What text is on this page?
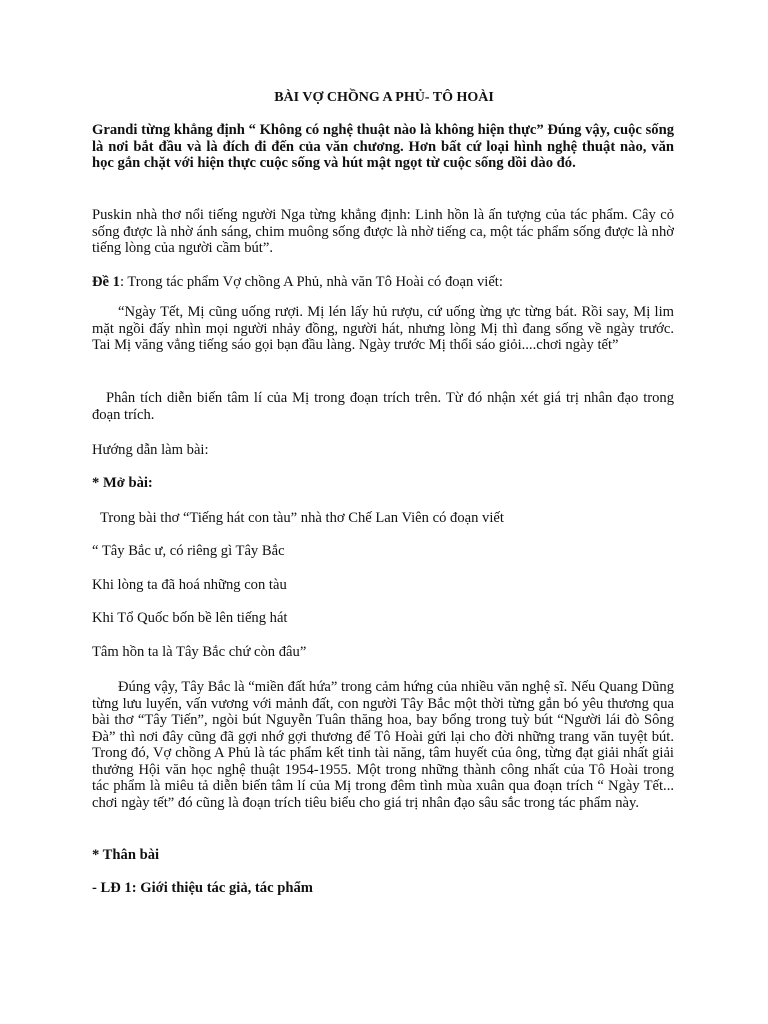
BÀI VỢ CHỒNG A PHỦ- TÔ HOÀI

Grandi từng khẳng định “ Không có nghệ thuật nào là không hiện thực” Đúng vậy, cuộc sống là nơi bắt đầu và là đích đi đến của văn chương. Hơn bất cứ loại hình nghệ thuật nào, văn học gắn chặt với hiện thực cuộc sống và hút mật ngọt từ cuộc sống dồi dào đó.

Puskin nhà thơ nổi tiếng người Nga từng khẳng định: Linh hồn là ấn tượng của tác phẩm. Cây cỏ sống được là nhờ ánh sáng, chim muông sống được là nhờ tiếng ca, một tác phẩm sống được là nhờ tiếng lòng của người cầm bút”.

Đề 1: Trong tác phẩm Vợ chồng A Phủ, nhà văn Tô Hoài có đoạn viết:

“Ngày Tết, Mị cũng uống rượi. Mị lén lấy hủ rượu, cứ uống ừng ực từng bát. Rồi say, Mị lim mặt ngồi đấy nhìn mọi người nhảy đồng, người hát, nhưng lòng Mị thì đang sống về ngày trước. Tai Mị văng vẳng tiếng sáo gọi bạn đầu làng. Ngày trước Mị thổi sáo giỏi....chơi ngày tết”

Phân tích diễn biến tâm lí của Mị trong đoạn trích trên. Từ đó nhận xét giá trị nhân đạo trong đoạn trích.

Hướng dẫn làm bài:

* Mở bài:

Trong bài thơ “Tiếng hát con tàu” nhà thơ Chế Lan Viên có đoạn viết

“ Tây Bắc ư, có riêng gì Tây Bắc

Khi lòng ta đã hoá những con tàu

Khi Tổ Quốc bốn bề lên tiếng hát

Tâm hồn ta là Tây Bắc chứ còn đâu”

Đúng vậy, Tây Bắc là “miền đất hứa” trong cảm hứng của nhiều văn nghệ sĩ. Nếu Quang Dũng từng lưu luyến, vấn vương với mảnh đất, con người Tây Bắc một thời từng gắn bó yêu thương qua bài thơ “Tây Tiến”, ngòi bút Nguyễn Tuân thăng hoa, bay bổng trong tuỳ bút “Người lái đò Sông Đà” thì nơi đây cũng đã gợi nhớ gợi thương để Tô Hoài gửi lại cho đời những trang văn tuyệt bút. Trong đó, Vợ chồng A Phủ là tác phẩm kết tinh tài năng, tâm huyết của ông, từng đạt giải nhất giải thưởng Hội văn học nghệ thuật 1954-1955. Một trong những thành công nhất của Tô Hoài trong tác phẩm là miêu tả diễn biến tâm lí của Mị trong đêm tình mùa xuân qua đoạn trích “ Ngày Tết... chơi ngày tết” đó cũng là đoạn trích tiêu biểu cho giá trị nhân đạo sâu sắc trong tác phẩm này.

* Thân bài

- LĐ 1: Giới thiệu tác giả, tác phẩm
